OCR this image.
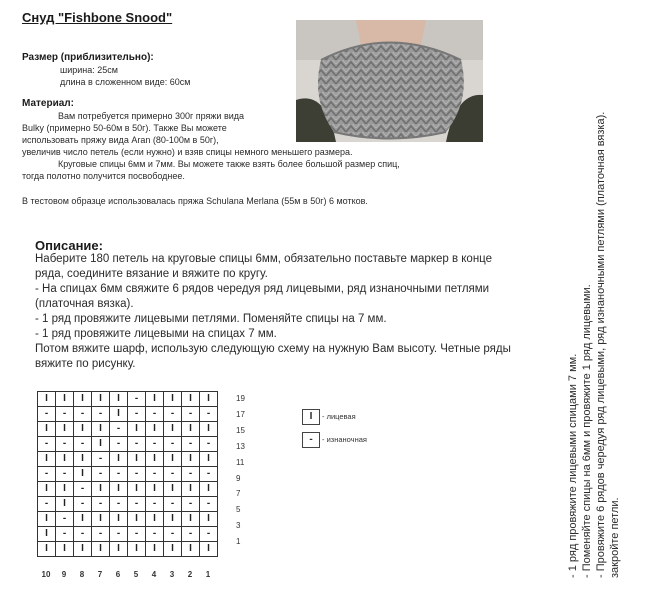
Снуд "Fishbone Snood"
Размер (приблизительно):
ширина: 25см
длина в сложенном виде: 60см
Материал:
Вам потребуется примерно 300г пряжи вида
Bulky (примерно 50-60м в 50г). Также Вы можете
использовать пряжу вида Aran (80-100м в 50г),
увеличив число петель (если нужно) и взяв спицы немного меньшего размера.
Круговые спицы 6мм и 7мм. Вы можете также взять более большой размер спиц,
тогда полотно получится посвободнее.
В тестовом образце использовалась пряжа Schulana Merlana (55м в 50г) 6 мотков.
Описание:
Наберите 180 петель на круговые спицы 6мм, обязательно поставьте маркер в конце
ряда, соедините вязание и вяжите по кругу.
- На спицах 6мм свяжите 6 рядов чередуя ряд лицевыми, ряд изнаночными петлями
(платочная вязка).
- 1 ряд провяжите лицевыми петлями. Поменяйте спицы на 7 мм.
- 1 ряд провяжите лицевыми на спицах 7 мм.
Потом вяжите шарф, использую следующую схему на нужную Вам высоту. Четные ряды
вяжите по рисунку.
I	I	I	I	I	-	I	I	I	I
-	-	-	-	I	-	-	-	-	-
I	I	I	I	-	I	I	I	I	I
-	-	-	I	-	-	-	-	-	-
I	I	I	-	I	I	I	I	I	I
-	-	I	-	-	-	-	-	-	-
I	I	-	I	I	I	I	I	I	I
-	I	-	-	-	-	-	-	-	-
I	-	I	I	I	I	I	I	I	I
I	-	-	-	-	-	-	-	-	-
I	I	I	I	I	I	I	I	I	I
19
17
15
13
11
9
7
5
3
1
10	9	8	7	6	5	4	3	2	1
I - лицевая
- - изнаночная	- 1 ряд провяжите лицевыми спицами 7 мм. - Поменяйте спицы на 6мм и провяжите 1 ряд лицевыми. - Провяжите 6 рядов чередуя ряд лицевыми, ряд изнаночными петлями (платочная вязка). закройте петли.
